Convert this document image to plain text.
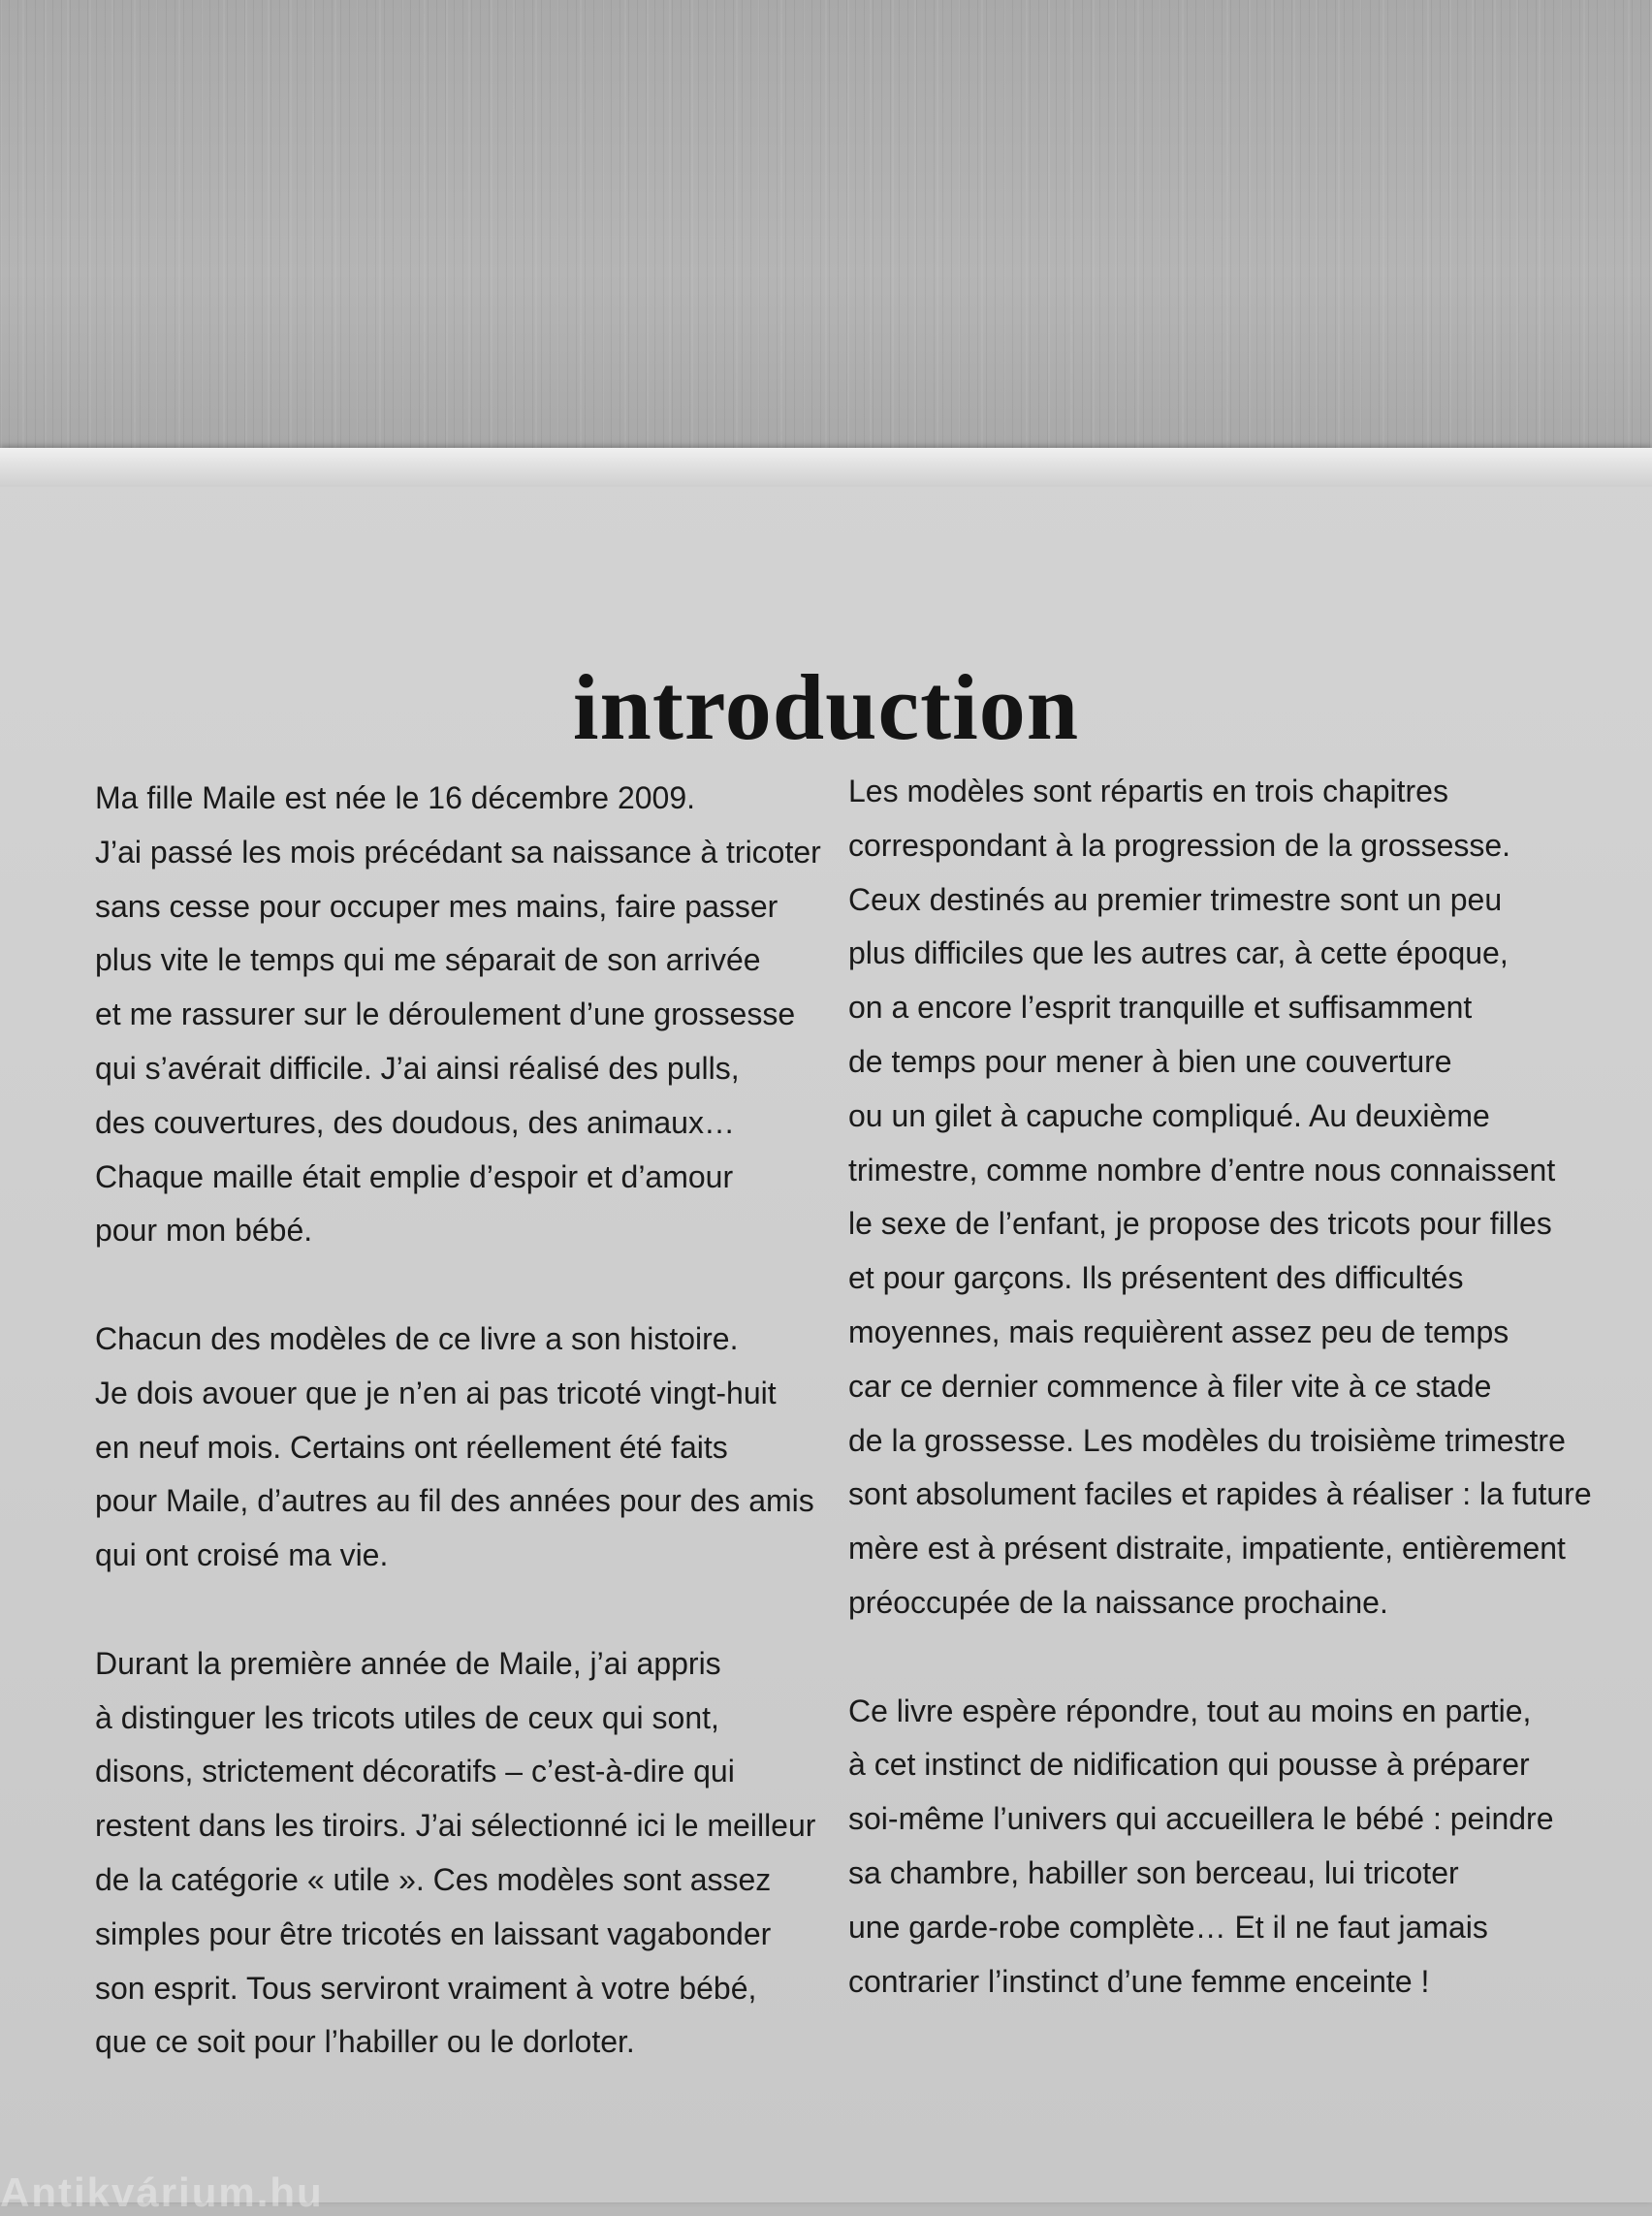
introduction

Ma fille Maile est née le 16 décembre 2009.
J’ai passé les mois précédant sa naissance à tricoter
sans cesse pour occuper mes mains, faire passer
plus vite le temps qui me séparait de son arrivée
et me rassurer sur le déroulement d’une grossesse
qui s’avérait difficile. J’ai ainsi réalisé des pulls,
des couvertures, des doudous, des animaux…
Chaque maille était emplie d’espoir et d’amour
pour mon bébé.

Chacun des modèles de ce livre a son histoire.
Je dois avouer que je n’en ai pas tricoté vingt-huit
en neuf mois. Certains ont réellement été faits
pour Maile, d’autres au fil des années pour des amis
qui ont croisé ma vie.

Durant la première année de Maile, j’ai appris
à distinguer les tricots utiles de ceux qui sont,
disons, strictement décoratifs – c’est-à-dire qui
restent dans les tiroirs. J’ai sélectionné ici le meilleur
de la catégorie « utile ». Ces modèles sont assez
simples pour être tricotés en laissant vagabonder
son esprit. Tous serviront vraiment à votre bébé,
que ce soit pour l’habiller ou le dorloter.

Les modèles sont répartis en trois chapitres
correspondant à la progression de la grossesse.
Ceux destinés au premier trimestre sont un peu
plus difficiles que les autres car, à cette époque,
on a encore l’esprit tranquille et suffisamment
de temps pour mener à bien une couverture
ou un gilet à capuche compliqué. Au deuxième
trimestre, comme nombre d’entre nous connaissent
le sexe de l’enfant, je propose des tricots pour filles
et pour garçons. Ils présentent des difficultés
moyennes, mais requièrent assez peu de temps
car ce dernier commence à filer vite à ce stade
de la grossesse. Les modèles du troisième trimestre
sont absolument faciles et rapides à réaliser : la future
mère est à présent distraite, impatiente, entièrement
préoccupée de la naissance prochaine.

Ce livre espère répondre, tout au moins en partie,
à cet instinct de nidification qui pousse à préparer
soi-même l’univers qui accueillera le bébé : peindre
sa chambre, habiller son berceau, lui tricoter
une garde-robe complète… Et il ne faut jamais
contrarier l’instinct d’une femme enceinte !

Antikvárium.hu
